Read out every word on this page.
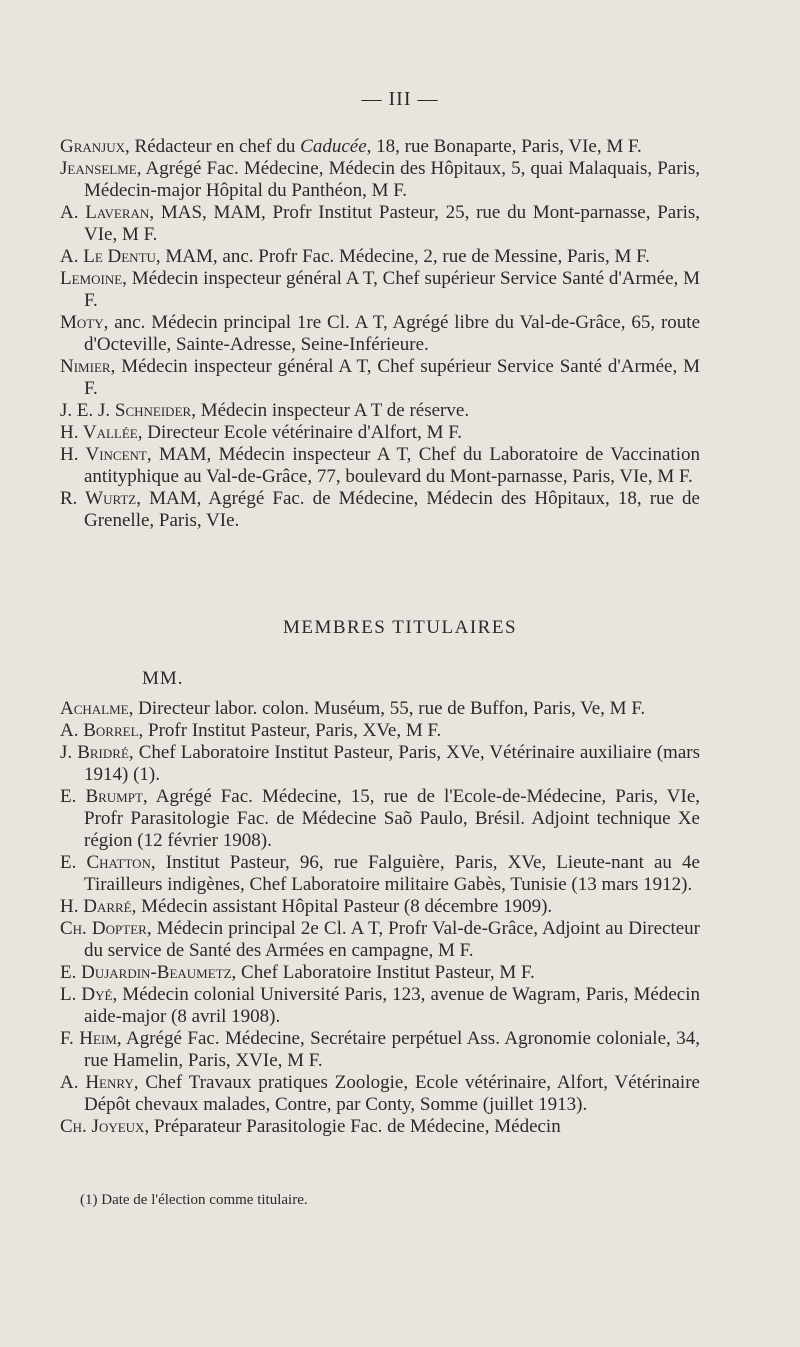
— III —

Granjux, Rédacteur en chef du Caducée, 18, rue Bonaparte, Paris, VIe, M F.

Jeanselme, Agrégé Fac. Médecine, Médecin des Hôpitaux, 5, quai Malaquais, Paris, Médecin-major Hôpital du Panthéon, M F.

A. Laveran, MAS, MAM, Profr Institut Pasteur, 25, rue du Mont-parnasse, Paris, VIe, M F.

A. Le Dentu, MAM, anc. Profr Fac. Médecine, 2, rue de Messine, Paris, M F.

Lemoine, Médecin inspecteur général A T, Chef supérieur Service Santé d'Armée, M F.

Moty, anc. Médecin principal 1re Cl. A T, Agrégé libre du Val-de-Grâce, 65, route d'Octeville, Sainte-Adresse, Seine-Inférieure.

Nimier, Médecin inspecteur général A T, Chef supérieur Service Santé d'Armée, M F.

J. E. J. Schneider, Médecin inspecteur A T de réserve.

H. Vallée, Directeur Ecole vétérinaire d'Alfort, M F.

H. Vincent, MAM, Médecin inspecteur A T, Chef du Laboratoire de Vaccination antityphique au Val-de-Grâce, 77, boulevard du Mont-parnasse, Paris, VIe, M F.

R. Wurtz, MAM, Agrégé Fac. de Médecine, Médecin des Hôpitaux, 18, rue de Grenelle, Paris, VIe.

MEMBRES TITULAIRES
MM.

Achalme, Directeur labor. colon. Muséum, 55, rue de Buffon, Paris, Ve, M F.

A. Borrel, Profr Institut Pasteur, Paris, XVe, M F.

J. Bridré, Chef Laboratoire Institut Pasteur, Paris, XVe, Vétérinaire auxiliaire (mars 1914) (1).

E. Brumpt, Agrégé Fac. Médecine, 15, rue de l'Ecole-de-Médecine, Paris, VIe, Profr Parasitologie Fac. de Médecine Saõ Paulo, Brésil. Adjoint technique Xe région (12 février 1908).

E. Chatton, Institut Pasteur, 96, rue Falguière, Paris, XVe, Lieute-nant au 4e Tirailleurs indigènes, Chef Laboratoire militaire Gabès, Tunisie (13 mars 1912).

H. Darré, Médecin assistant Hôpital Pasteur (8 décembre 1909).

Ch. Dopter, Médecin principal 2e Cl. A T, Profr Val-de-Grâce, Adjoint au Directeur du service de Santé des Armées en campagne, M F.

E. Dujardin-Beaumetz, Chef Laboratoire Institut Pasteur, M F.

L. Dyé, Médecin colonial Université Paris, 123, avenue de Wagram, Paris, Médecin aide-major (8 avril 1908).

F. Heim, Agrégé Fac. Médecine, Secrétaire perpétuel Ass. Agronomie coloniale, 34, rue Hamelin, Paris, XVIe, M F.

A. Henry, Chef Travaux pratiques Zoologie, Ecole vétérinaire, Alfort, Vétérinaire Dépôt chevaux malades, Contre, par Conty, Somme (juillet 1913).

Ch. Joyeux, Préparateur Parasitologie Fac. de Médecine, Médecin

(1) Date de l'élection comme titulaire.
